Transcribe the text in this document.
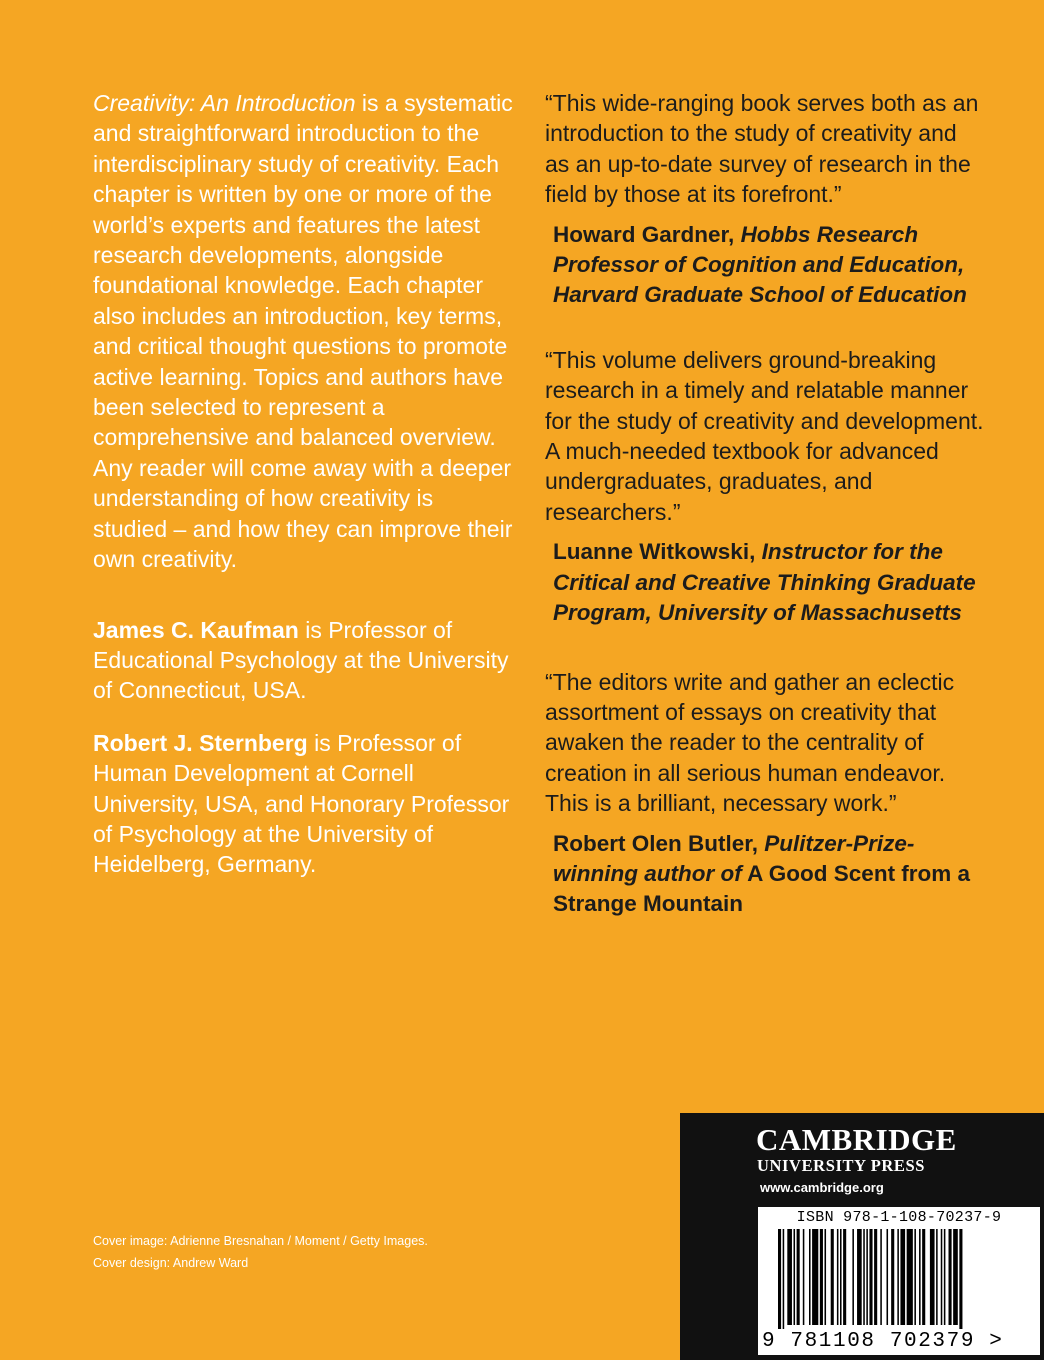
Creativity: An Introduction is a systematic and straightforward introduction to the interdisciplinary study of creativity. Each chapter is written by one or more of the world’s experts and features the latest research developments, alongside foundational knowledge. Each chapter also includes an introduction, key terms, and critical thought questions to promote active learning. Topics and authors have been selected to represent a comprehensive and balanced overview. Any reader will come away with a deeper understanding of how creativity is studied – and how they can improve their own creativity.

James C. Kaufman is Professor of Educational Psychology at the University of Connecticut, USA.

Robert J. Sternberg is Professor of Human Development at Cornell University, USA, and Honorary Professor of Psychology at the University of Heidelberg, Germany.

“This wide-ranging book serves both as an introduction to the study of creativity and as an up-to-date survey of research in the field by those at its forefront.”

Howard Gardner, Hobbs Research Professor of Cognition and Education, Harvard Graduate School of Education

“This volume delivers ground-breaking research in a timely and relatable manner for the study of creativity and development. A much-needed textbook for advanced undergraduates, graduates, and researchers.”

Luanne Witkowski, Instructor for the Critical and Creative Thinking Graduate Program, University of Massachusetts

“The editors write and gather an eclectic assortment of essays on creativity that awaken the reader to the centrality of creation in all serious human endeavor. This is a brilliant, necessary work.”

Robert Olen Butler, Pulitzer-Prize-winning author of A Good Scent from a Strange Mountain

Cover image: Adrienne Bresnahan / Moment / Getty Images.
Cover design: Andrew Ward
CAMBRIDGE
UNIVERSITY PRESS
www.cambridge.org
ISBN 978-1-108-70237-9
9 781108 702379 >
